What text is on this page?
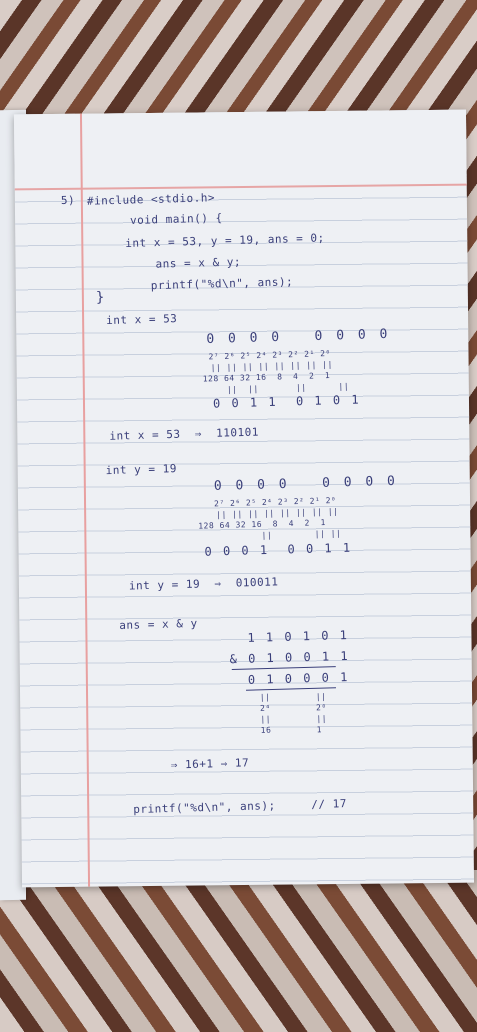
5) #include <stdio.h>
void main() {
int x = 53, y = 19, ans = 0;
ans = x & y;
printf("%d\n", ans);
}
int x = 53
0 0 0 0   0 0 0 0
2⁷ 2⁶ 2⁵ 2⁴ 2³ 2² 2¹ 2⁰
|| || || || || || || ||
128 64 32 16  8  4  2  1
||  ||       ||      ||
0 0 1 1  0 1 0 1
int x = 53  ⇒  110101
int y = 19
0 0 0 0   0 0 0 0
2⁷ 2⁶ 2⁵ 2⁴ 2³ 2² 2¹ 2⁰
|| || || || || || || ||
128 64 32 16  8  4  2  1
||        || ||
0 0 0 1  0 0 1 1
int y = 19  ⇒  010011
ans = x & y
1 1 0 1 0 1
& 0 1 0 0 1 1
0 1 0 0 0 1
||
2⁴
||
16
||
2⁰
||
1
⇒ 16+1 ⇒ 17
printf("%d\n", ans);     // 17
